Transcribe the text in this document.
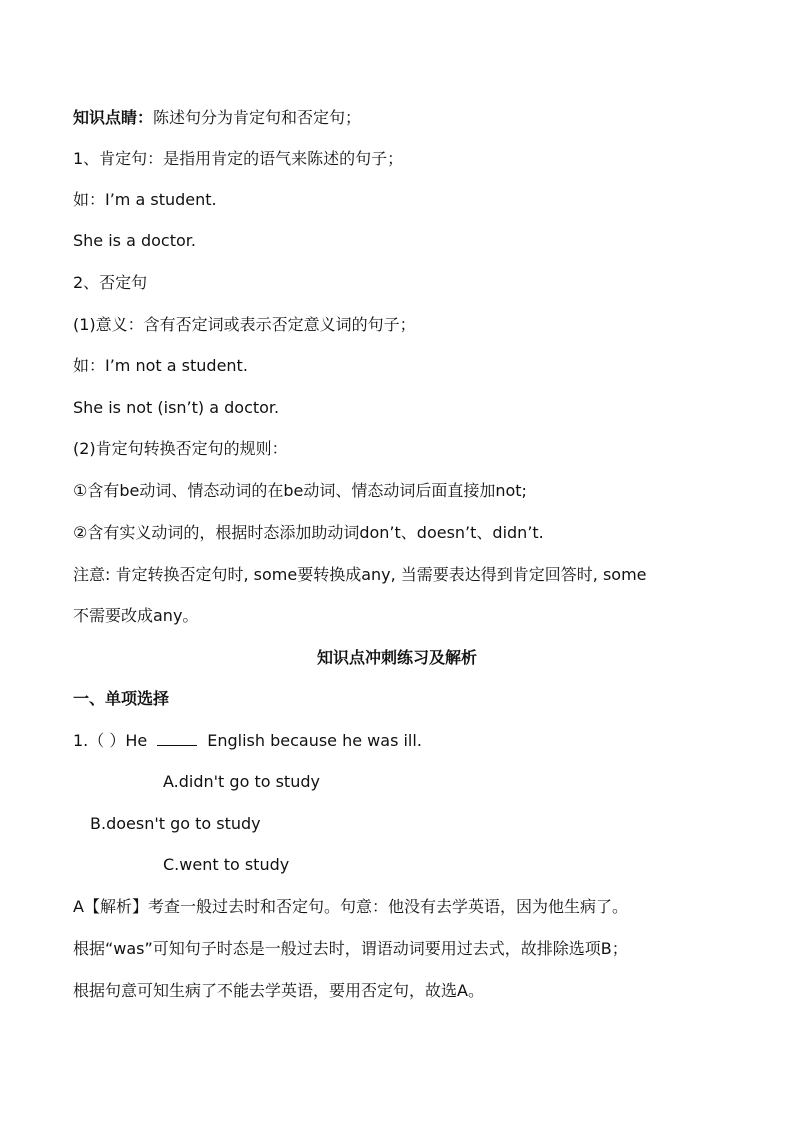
知识点睛：陈述句分为肯定句和否定句；
1、肯定句：是指用肯定的语气来陈述的句子；
如：I’m a student.
She is a doctor.
2、否定句
(1)意义：含有否定词或表示否定意义词的句子；
如：I’m not a student.
She is not (isn’t) a doctor.
(2)肯定句转换否定句的规则：
①含有be动词、情态动词的在be动词、情态动词后面直接加not;
②含有实义动词的，根据时态添加助动词don’t、doesn’t、didn’t.
注意: 肯定转换否定句时, some要转换成any, 当需要表达得到肯定回答时, some
不需要改成any。
知识点冲刺练习及解析
一、单项选择
1.（ ）He	English because he was ill.
A.didn't go to study
B.doesn't go to study
C.went to study
A【解析】考查一般过去时和否定句。句意：他没有去学英语，因为他生病了。
根据“was”可知句子时态是一般过去时，谓语动词要用过去式，故排除选项B；
根据句意可知生病了不能去学英语，要用否定句，故选A。
